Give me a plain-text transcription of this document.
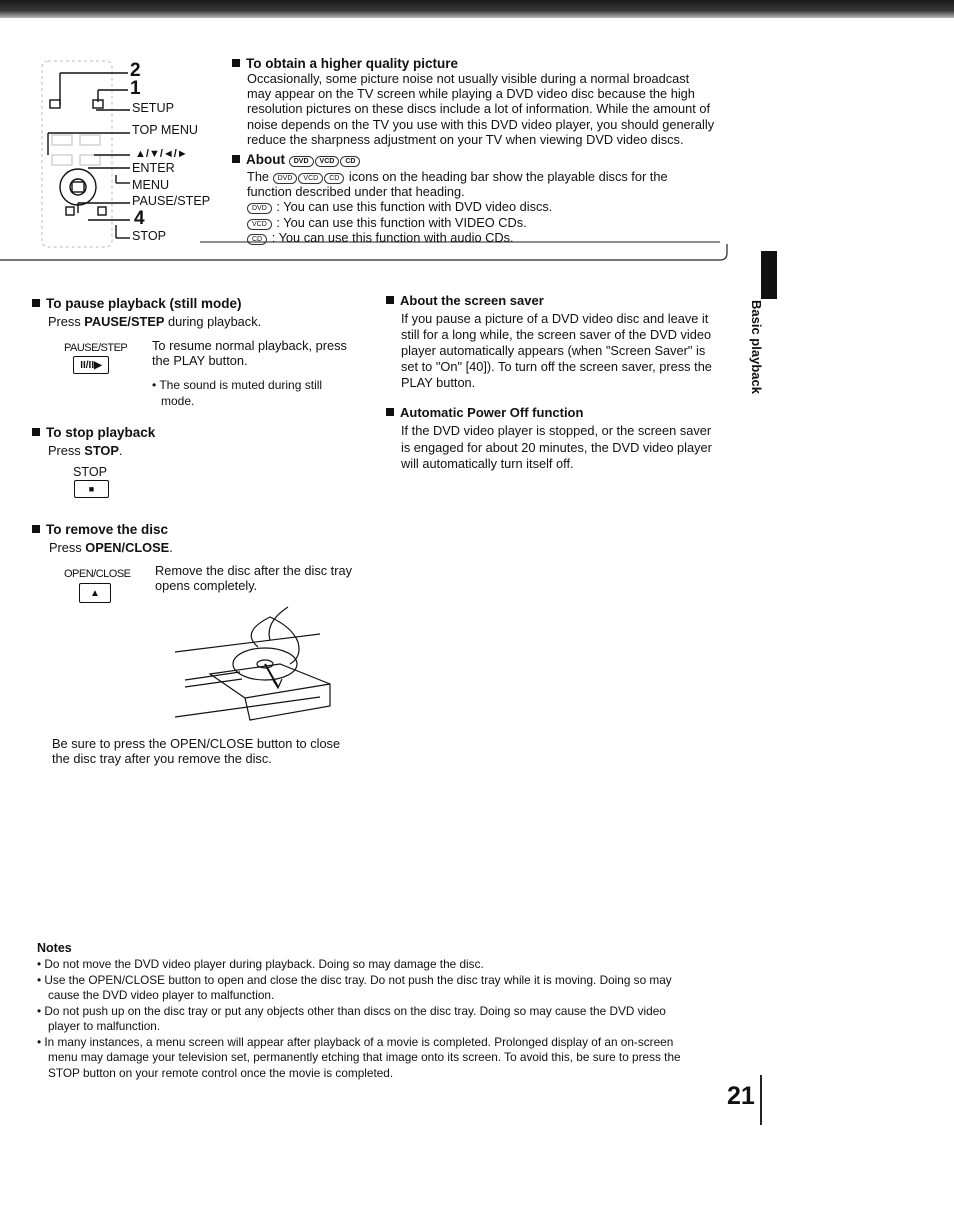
2
1
SETUP
TOP MENU
▲/▼/◄/►
ENTER
MENU
PAUSE/STEP
4
STOP
To obtain a higher quality picture
Occasionally, some picture noise not usually visible during a normal broadcast
may appear on the TV screen while playing a DVD video disc because the high
resolution pictures on these discs include a lot of information. While the amount of
noise depends on the TV you use with this DVD video player, you should generally
reduce the sharpness adjustment on your TV when viewing DVD video discs.
About DVD VCD CD
The DVD VCD CD icons on the heading bar show the playable discs for the
function described under that heading.
DVD : You can use this function with DVD video discs.
VCD : You can use this function with VIDEO CDs.
CD : You can use this function with audio CDs.
Basic playback
To pause playback (still mode)
Press PAUSE/STEP during playback.
PAUSE/STEP
II/II▶
To resume normal playback, press
the PLAY button.
• The sound is muted during still
mode.
To stop playback
Press STOP.
STOP
■
To remove the disc
Press OPEN/CLOSE.
OPEN/CLOSE
▲
Remove the disc after the disc tray
opens completely.
Be sure to press the OPEN/CLOSE button to close
the disc tray after you remove the disc.
About the screen saver
If you pause a picture of a DVD video disc and leave it
still for a long while, the screen saver of the DVD video
player automatically appears (when "Screen Saver" is
set to "On" [40]). To turn off the screen saver, press the
PLAY button.
Automatic Power Off function
If the DVD video player is stopped, or the screen saver
is engaged for about 20 minutes, the DVD video player
will automatically turn itself off.
Notes
• Do not move the DVD video player during playback. Doing so may damage the disc.
• Use the OPEN/CLOSE button to open and close the disc tray. Do not push the disc tray while it is moving. Doing so may
cause the DVD video player to malfunction.
• Do not push up on the disc tray or put any objects other than discs on the disc tray. Doing so may cause the DVD video
player to malfunction.
• In many instances, a menu screen will appear after playback of a movie is completed. Prolonged display of an on-screen
menu may damage your television set, permanently etching that image onto its screen. To avoid this, be sure to press the
STOP button on your remote control once the movie is completed.
21
